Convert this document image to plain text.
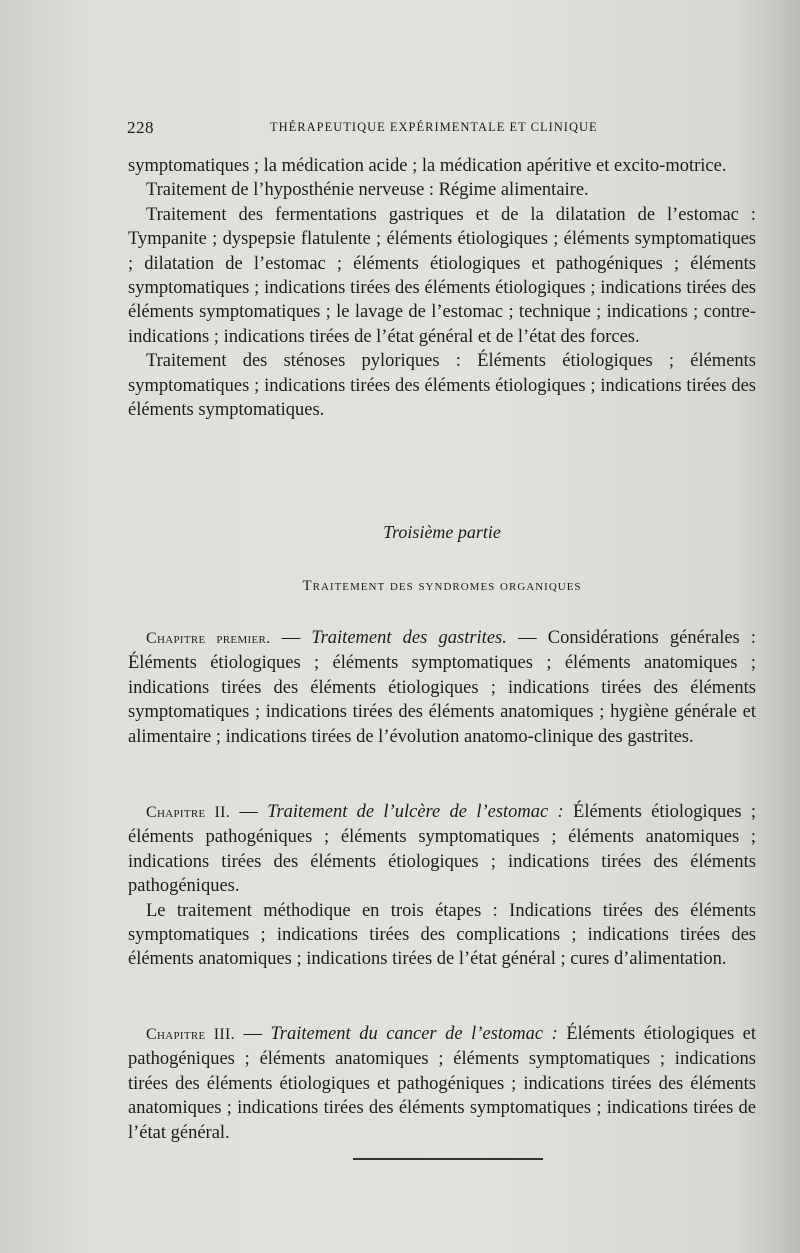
228	THÉRAPEUTIQUE EXPÉRIMENTALE ET CLINIQUE

symptomatiques ; la médication acide ; la médication apéritive et excito-motrice.

Traitement de l’hyposthénie nerveuse : Régime alimentaire.

Traitement des fermentations gastriques et de la dilatation de l’estomac : Tympanite ; dyspepsie flatulente ; éléments étiologiques ; éléments symptomatiques ; dilatation de l’estomac ; éléments étiologiques et pathogéniques ; éléments symptomatiques ; indications tirées des éléments étiologiques ; indications tirées des éléments symptomatiques ; le lavage de l’estomac ; technique ; indications ; contre-indications ; indications tirées de l’état général et de l’état des forces.

Traitement des sténoses pyloriques : Éléments étiologiques ; éléments symptomatiques ; indications tirées des éléments étiologiques ; indications tirées des éléments symptomatiques.

Troisième partie

Traitement des syndromes organiques

Chapitre premier. — Traitement des gastrites. — Considérations générales : Éléments étiologiques ; éléments symptomatiques ; éléments anatomiques ; indications tirées des éléments étiologiques ; indications tirées des éléments symptomatiques ; indications tirées des éléments anatomiques ; hygiène générale et alimentaire ; indications tirées de l’évolution anatomo-clinique des gastrites.

Chapitre II. — Traitement de l’ulcère de l’estomac : Éléments étiologiques ; éléments pathogéniques ; éléments symptomatiques ; éléments anatomiques ; indications tirées des éléments étiologiques ; indications tirées des éléments pathogéniques.

Le traitement méthodique en trois étapes : Indications tirées des éléments symptomatiques ; indications tirées des complications ; indications tirées des éléments anatomiques ; indications tirées de l’état général ; cures d’alimentation.

Chapitre III. — Traitement du cancer de l’estomac : Éléments étiologiques et pathogéniques ; éléments anatomiques ; éléments symptomatiques ; indications tirées des éléments étiologiques et pathogéniques ; indications tirées des éléments anatomiques ; indications tirées des éléments symptomatiques ; indications tirées de l’état général.
